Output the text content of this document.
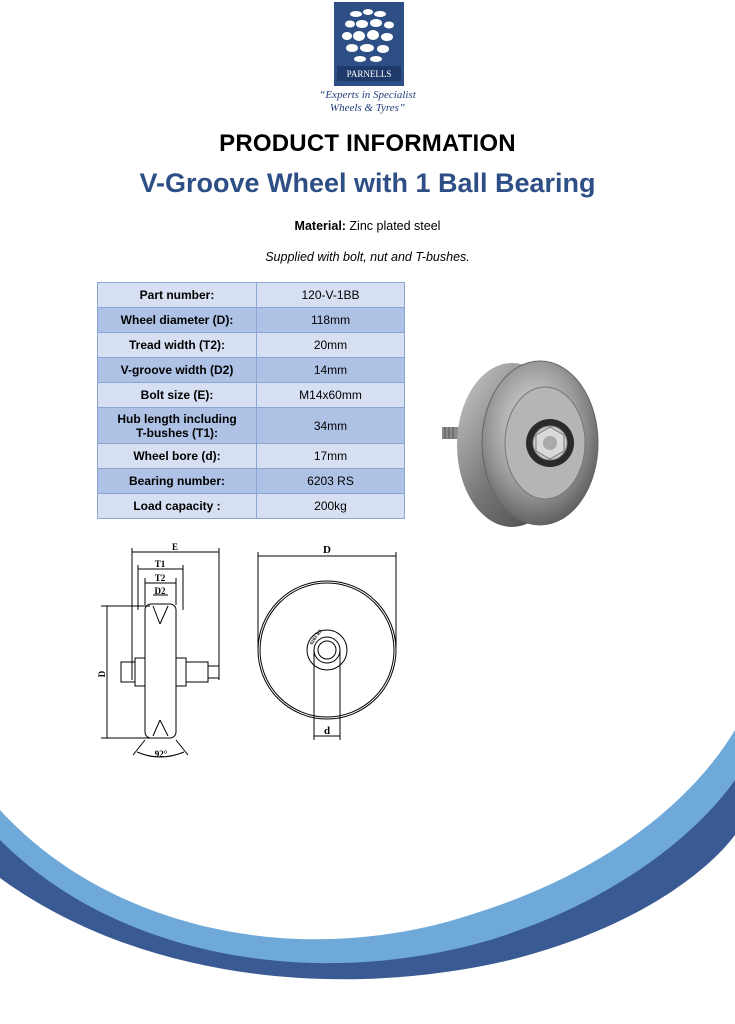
PARNELLS
“Experts in Specialist
Wheels & Tyres”
PRODUCT INFORMATION
V-Groove Wheel with 1 Ball Bearing
Material: Zinc plated steel
Supplied with bolt, nut and T-bushes.
Part number:	120-V-1BB
Wheel diameter (D):	118mm
Tread width (T2):	20mm
V-groove width (D2)	14mm
Bolt size (E):	M14x60mm
Hub length including
T-bushes (T1):	34mm
Wheel bore (d):	17mm
Bearing number:	6203 RS
Load capacity :	200kg
E
T1
T2
D2
D
92°
D
d
6203 RS
